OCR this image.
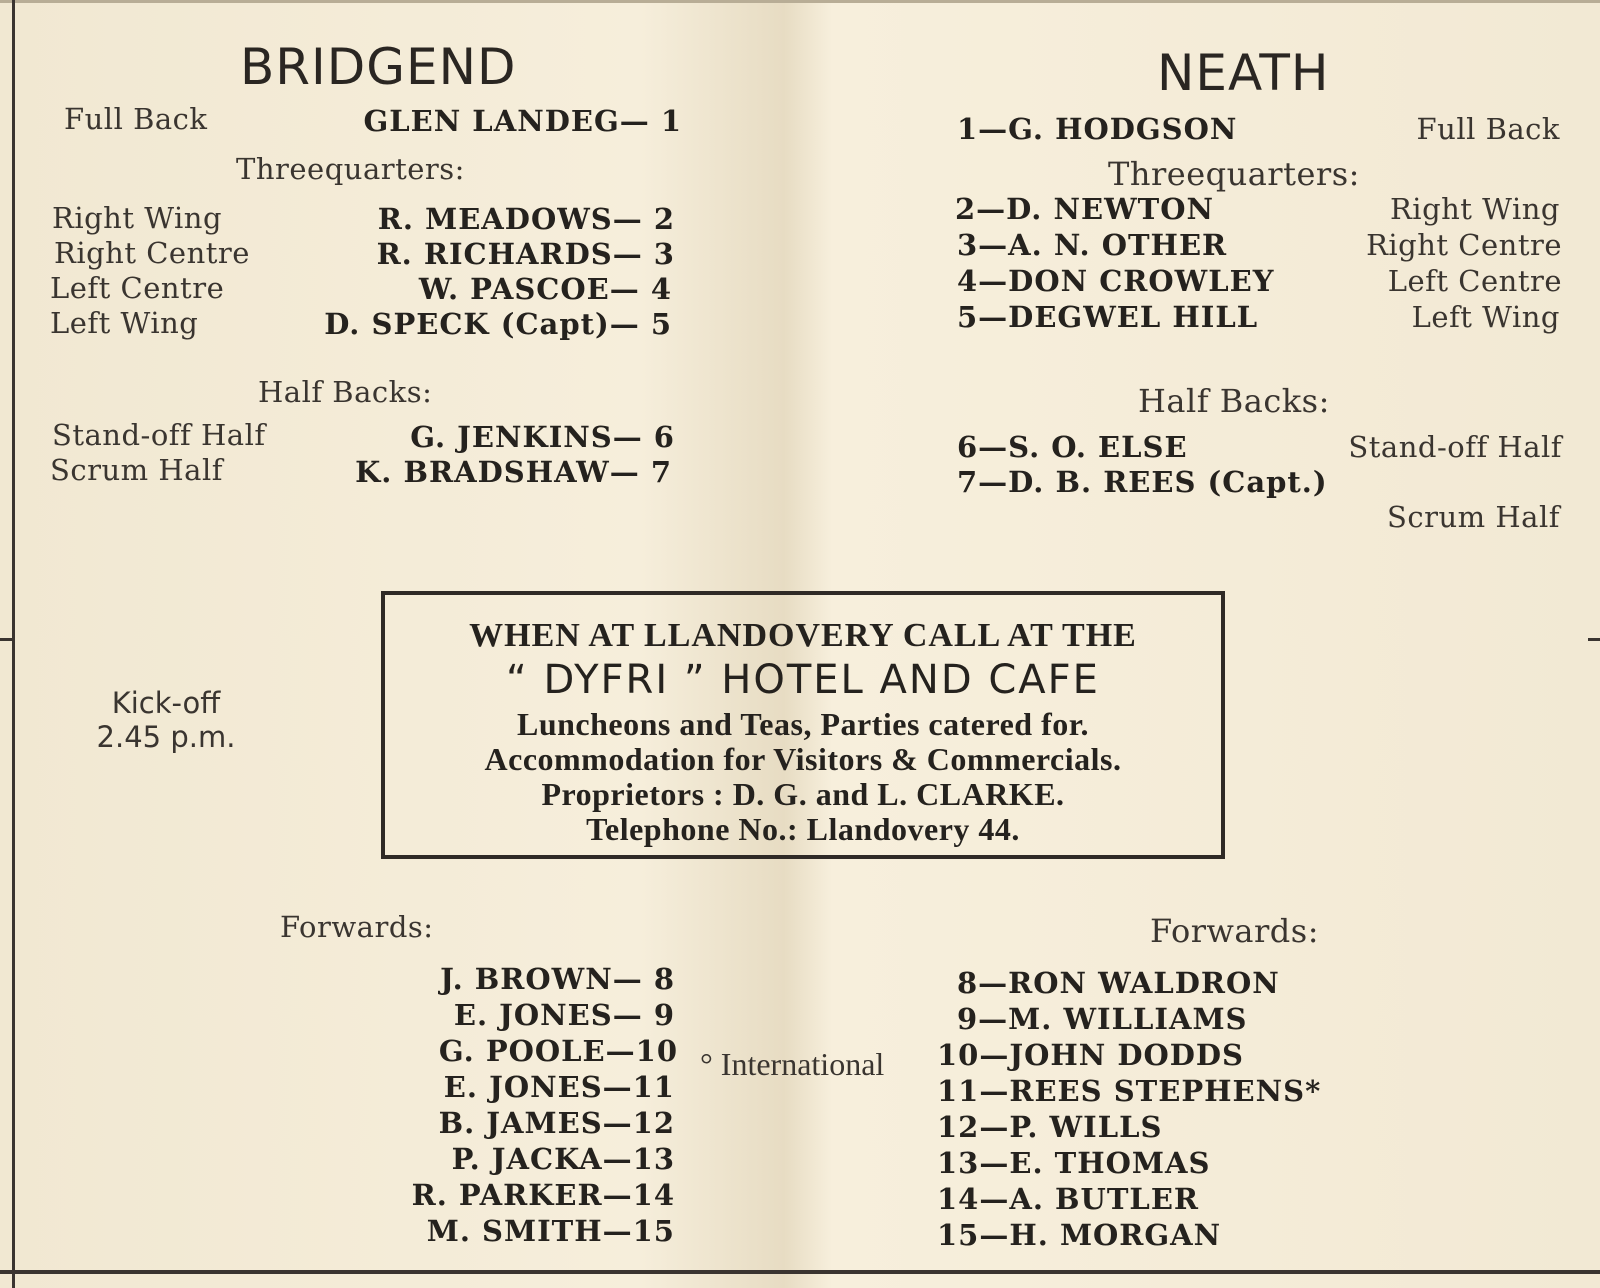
BRIDGEND
Full Back	GLEN LANDEG— 1
Threequarters:
Right Wing	R. MEADOWS— 2
Right Centre	R. RICHARDS— 3
Left Centre	W. PASCOE— 4
Left Wing	D. SPECK (Capt)— 5
Half Backs:
Stand-off Half	G. JENKINS— 6
Scrum Half	K. BRADSHAW— 7
Forwards:
J. BROWN— 8
E. JONES— 9
G. POOLE—10
E. JONES—11
B. JAMES—12
P. JACKA—13
R. PARKER—14
M. SMITH—15
NEATH
1—G. HODGSON	Full Back
Threequarters:
2—D. NEWTON	Right Wing
3—A. N. OTHER	Right Centre
4—DON CROWLEY	Left Centre
5—DEGWEL HILL	Left Wing
Half Backs:
6—S. O. ELSE	Stand-off Half
7—D. B. REES (Capt.)
Scrum Half
Forwards:
8—RON WALDRON
9—M. WILLIAMS
10—JOHN DODDS
11—REES STEPHENS*
12—P. WILLS
13—E. THOMAS
14—A. BUTLER
15—H. MORGAN
Kick-off
2.45 p.m.
° International
WHEN AT LLANDOVERY CALL AT THE
“ DYFRI ” HOTEL AND CAFE
Luncheons and Teas, Parties catered for.
Accommodation for Visitors & Commercials.
Proprietors : D. G. and L. CLARKE.
Telephone No.: Llandovery 44.
